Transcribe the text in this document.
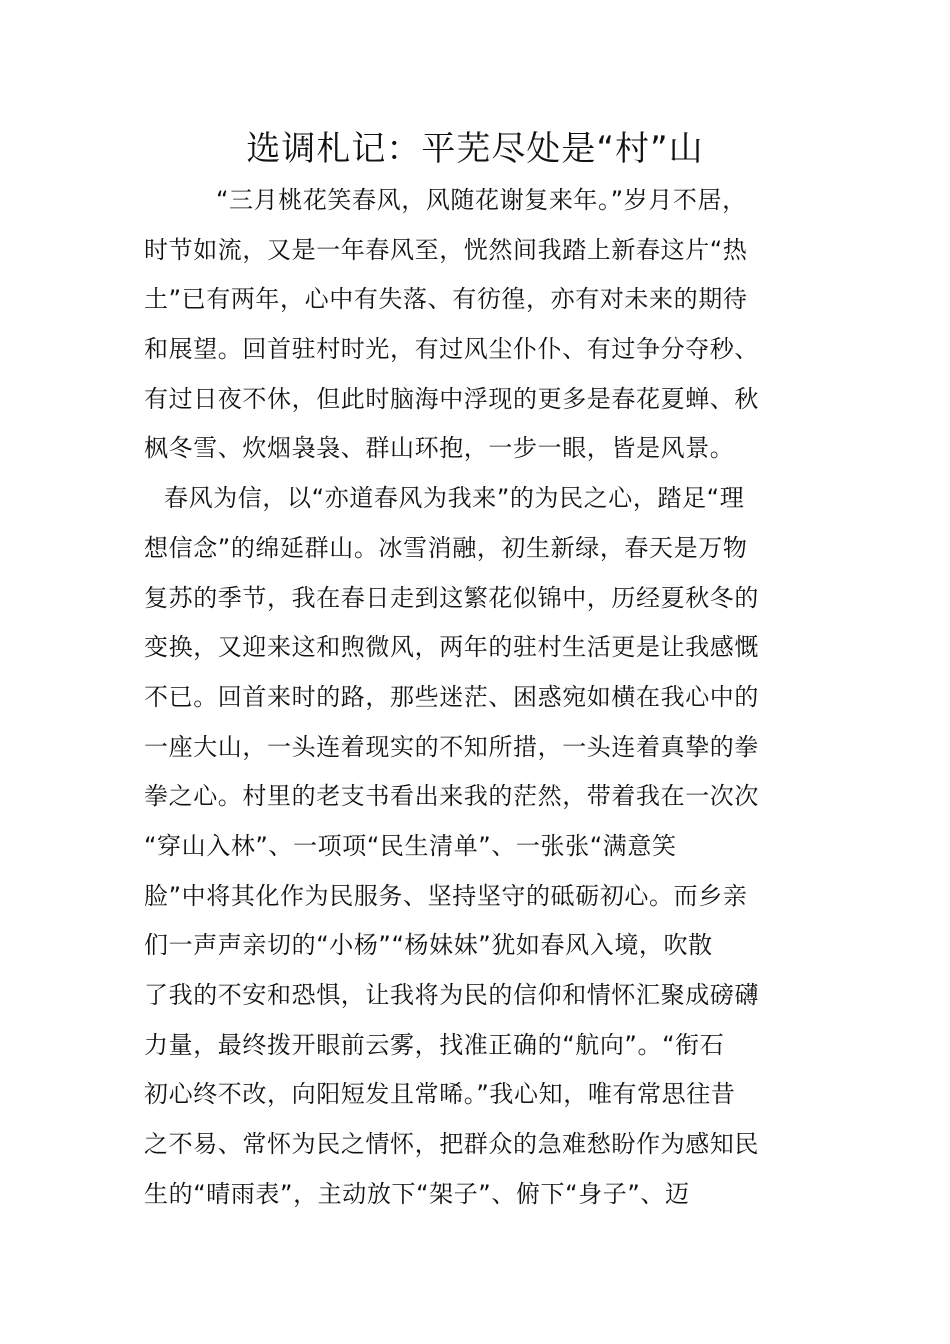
选调札记：平芜尽处是“村”山
“三月桃花笑春风，风随花谢复来年。”岁月不居，
时节如流，又是一年春风至，恍然间我踏上新春这片“热
土”已有两年，心中有失落、有彷徨，亦有对未来的期待
和展望。回首驻村时光，有过风尘仆仆、有过争分夺秒、
有过日夜不休，但此时脑海中浮现的更多是春花夏蝉、秋
枫冬雪、炊烟袅袅、群山环抱，一步一眼，皆是风景。
春风为信，以“亦道春风为我来”的为民之心，踏足“理
想信念”的绵延群山。冰雪消融，初生新绿，春天是万物
复苏的季节，我在春日走到这繁花似锦中，历经夏秋冬的
变换，又迎来这和煦微风，两年的驻村生活更是让我感慨
不已。回首来时的路，那些迷茫、困惑宛如横在我心中的
一座大山，一头连着现实的不知所措，一头连着真挚的拳
拳之心。村里的老支书看出来我的茫然，带着我在一次次
“穿山入林”、一项项“民生清单”、一张张“满意笑
脸”中将其化作为民服务、坚持坚守的砥砺初心。而乡亲
们一声声亲切的“小杨”“杨妹妹”犹如春风入境，吹散
了我的不安和恐惧，让我将为民的信仰和情怀汇聚成磅礴
力量，最终拨开眼前云雾，找准正确的“航向”。“衔石
初心终不改，向阳短发且常晞。”我心知，唯有常思往昔
之不易、常怀为民之情怀，把群众的急难愁盼作为感知民
生的“晴雨表”，主动放下“架子”、俯下“身子”、迈
